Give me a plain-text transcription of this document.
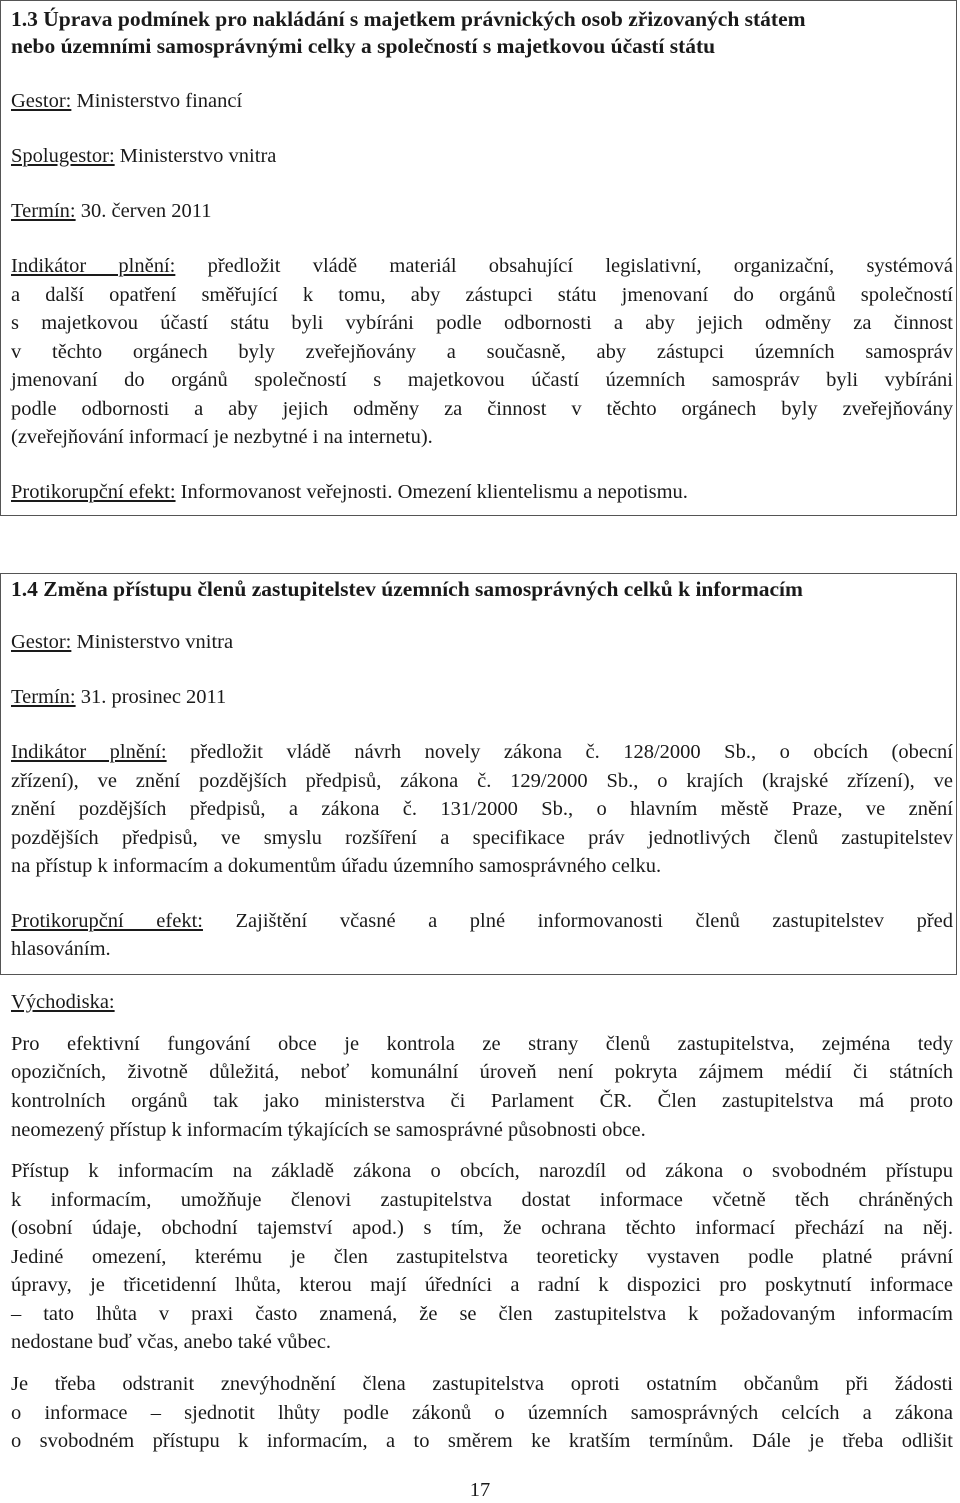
1.3 Úprava podmínek pro nakládání s majetkem právnických osob zřizovaných státem
nebo územními samosprávnými celky a společností s majetkovou účastí státu
Gestor: Ministerstvo financí
Spolugestor: Ministerstvo vnitra
Termín: 30. červen 2011
Indikátor plnění: předložit vládě materiál obsahující legislativní, organizační, systémová
a další opatření směřující k tomu, aby zástupci státu jmenovaní do orgánů společností
s majetkovou účastí státu byli vybíráni podle odbornosti a aby jejich odměny za činnost
v těchto orgánech byly zveřejňovány a současně, aby zástupci územních samospráv
jmenovaní do orgánů společností s majetkovou účastí územních samospráv byli vybíráni
podle odbornosti a aby jejich odměny za činnost v těchto orgánech byly zveřejňovány
(zveřejňování informací je nezbytné i na internetu).
Protikorupční efekt: Informovanost veřejnosti. Omezení klientelismu a nepotismu.
1.4 Změna přístupu členů zastupitelstev územních samosprávných celků k informacím
Gestor: Ministerstvo vnitra
Termín: 31. prosinec 2011
Indikátor plnění: předložit vládě návrh novely zákona č. 128/2000 Sb., o obcích (obecní
zřízení), ve znění pozdějších předpisů, zákona č. 129/2000 Sb., o krajích (krajské zřízení), ve
znění pozdějších předpisů, a zákona č. 131/2000 Sb., o hlavním městě Praze, ve znění
pozdějších předpisů, ve smyslu rozšíření a specifikace práv jednotlivých členů zastupitelstev
na přístup k informacím a dokumentům úřadu územního samosprávného celku.
Protikorupční efekt: Zajištění včasné a plné informovanosti členů zastupitelstev před
hlasováním.
Východiska:
Pro efektivní fungování obce je kontrola ze strany členů zastupitelstva, zejména tedy
opozičních, životně důležitá, neboť komunální úroveň není pokryta zájmem médií či státních
kontrolních orgánů tak jako ministerstva či Parlament ČR. Člen zastupitelstva má proto
neomezený přístup k informacím týkajících se samosprávné působnosti obce.
Přístup k informacím na základě zákona o obcích, narozdíl od zákona o svobodném přístupu
k informacím, umožňuje členovi zastupitelstva dostat informace včetně těch chráněných
(osobní údaje, obchodní tajemství apod.) s tím, že ochrana těchto informací přechází na něj.
Jediné omezení, kterému je člen zastupitelstva teoreticky vystaven podle platné právní
úpravy, je třicetidenní lhůta, kterou mají úředníci a radní k dispozici pro poskytnutí informace
– tato lhůta v praxi často znamená, že se člen zastupitelstva k požadovaným informacím
nedostane buď včas, anebo také vůbec.
Je třeba odstranit znevýhodnění člena zastupitelstva oproti ostatním občanům při žádosti
o informace – sjednotit lhůty podle zákonů o územních samosprávných celcích a zákona
o svobodném přístupu k informacím, a to směrem ke kratším termínům. Dále je třeba odlišit
17
